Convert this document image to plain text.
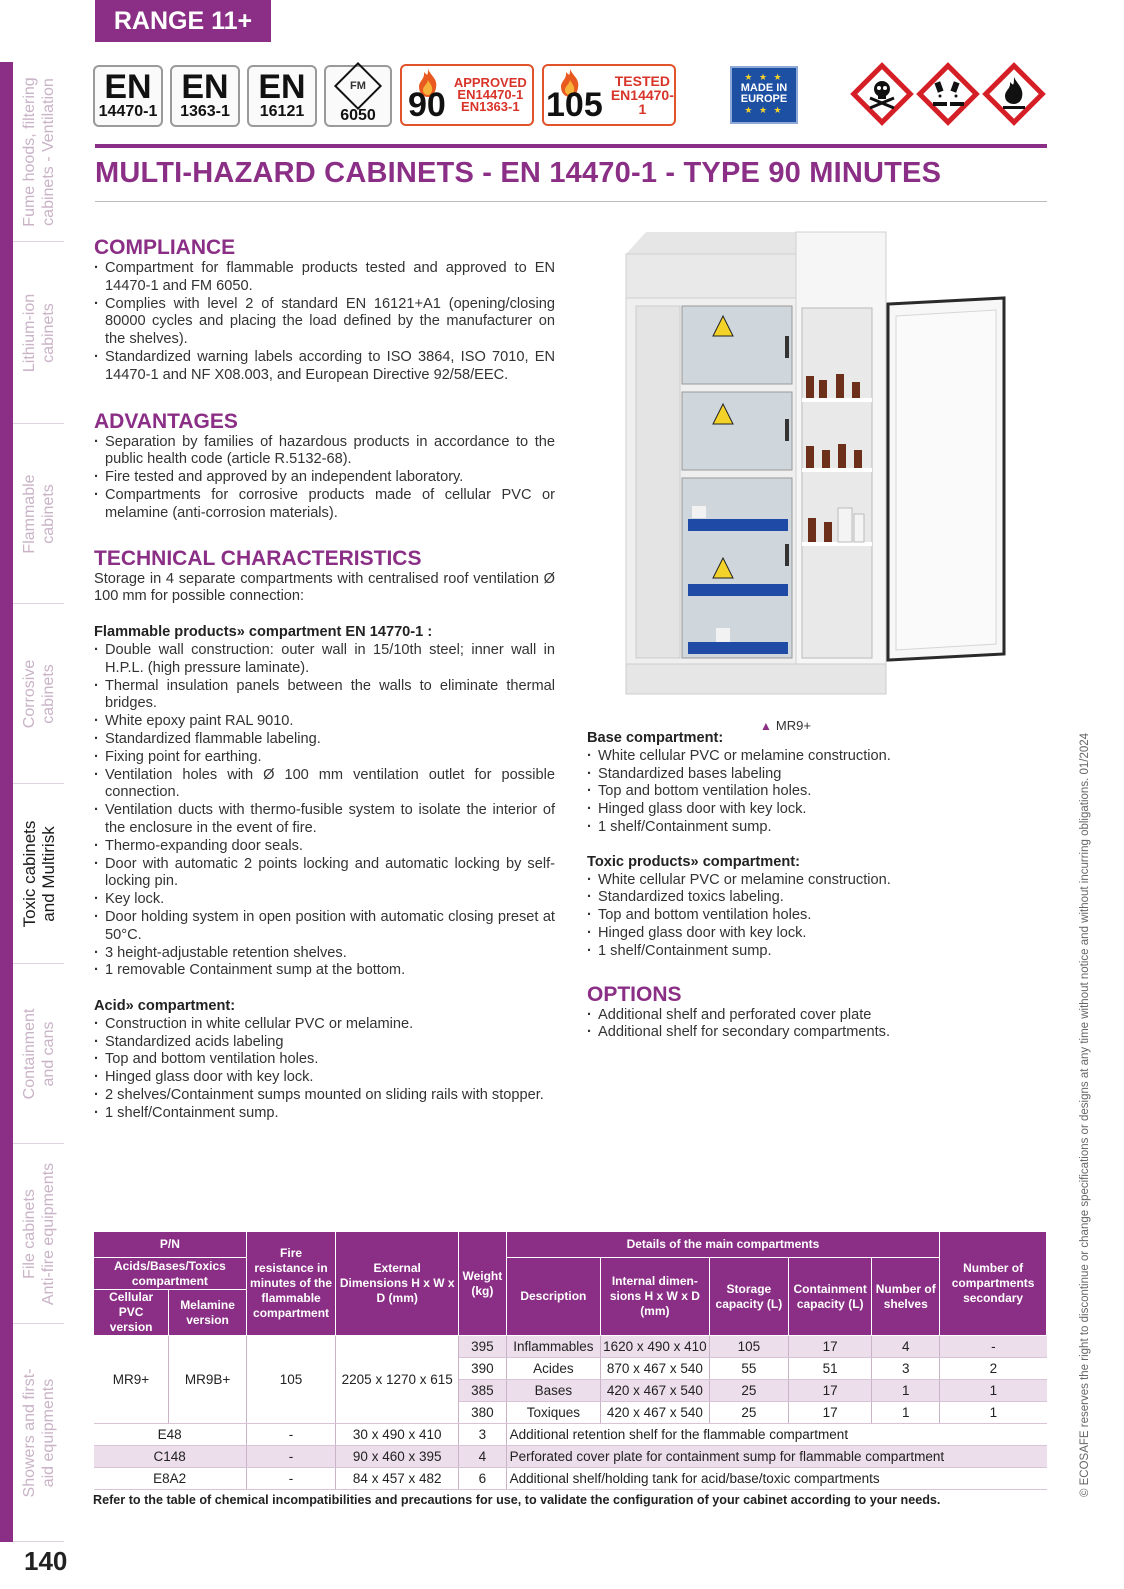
Fume hoods, filtering cabinets - Ventilation
Lithium-ion cabinets
Flammable cabinets
Corrosive cabinets
Toxic cabinets and Multirisk
Containment and cans
File cabinets Anti-fire equipments
Showers and first- aid equipments
RANGE 11+
EN
14470-1
EN
1363-1
EN
16121
FM
6050 90
APPROVED
EN14470-1
EN1363-1 105
TESTED
EN14470-1
★ ★ ★
MADE IN
EUROPE
★ ★ ★
MULTI-HAZARD CABINETS - EN 14470-1 - TYPE 90 MINUTES
COMPLIANCE
· Compartment for flammable products tested and approved to EN 14470-1 and FM 6050.
· Complies with level 2 of standard EN 16121+A1 (opening/closing 80000 cycles and placing the load defined by the manufacturer on the shelves).
· Standardized warning labels according to ISO 3864, ISO 7010, EN 14470-1 and NF X08.003, and European Directive 92/58/EEC.
ADVANTAGES
· Separation by families of hazardous products in accordance to the public health code (article R.5132-68).
· Fire tested and approved by an independent laboratory.
· Compartments for corrosive products made of cellular PVC or melamine (anti-corrosion materials).
TECHNICAL CHARACTERISTICS

Storage in 4 separate compartments with centralised roof ventilation Ø 100 mm for possible connection:

Flammable products» compartment EN 14770-1 :
· Double wall construction: outer wall in 15/10th steel; inner wall in H.P.L. (high pressure laminate).
· Thermal insulation panels between the walls to eliminate thermal bridges.
· White epoxy paint RAL 9010.
· Standardized flammable labeling.
· Fixing point for earthing.
· Ventilation holes with Ø 100 mm ventilation outlet for possible connection.
· Ventilation ducts with thermo-fusible system to isolate the interior of the enclosure in the event of fire.
· Thermo-expanding door seals.
· Door with automatic 2 points locking and automatic locking by self-locking pin.
· Key lock.
· Door holding system in open position with automatic closing preset at 50°C.
· 3 height-adjustable retention shelves.
· 1 removable Containment sump at the bottom.
Acid» compartment:
· Construction in white cellular PVC or melamine.
· Standardized acids labeling
· Top and bottom ventilation holes.
· Hinged glass door with key lock.
· 2 shelves/Containment sumps mounted on sliding rails with stopper.
· 1 shelf/Containment sump.
▲ MR9+
Base compartment:
· White cellular PVC or melamine construction.
· Standardized bases labeling
· Top and bottom ventilation holes.
· Hinged glass door with key lock.
· 1 shelf/Containment sump.
Toxic products» compartment:
· White cellular PVC or melamine construction.
· Standardized toxics labeling.
· Top and bottom ventilation holes.
· Hinged glass door with key lock.
· 1 shelf/Containment sump.
OPTIONS
· Additional shelf and perforated cover plate
· Additional shelf for secondary compartments.
P/N		Fire resistance in minutes of the flammable compartment	External Dimensions H x W x D (mm)	Weight (kg)	Details of the main compartments					Number of compartments secondary
Acids/Bases/Toxics compartment					Description	Internal dimen-sions H x W x D (mm)	Storage capacity (L)	Containment capacity (L)	Number of shelves	
Cellular PVC version	Melamine version									
MR9+	MR9B+	105	2205 x 1270 x 615	395	Inflammables	1620 x 490 x 410	105	17	4	-
				390	Acides	870 x 467 x 540	55	51	3	2
				385	Bases	420 x 467 x 540	25	17	1	1
				380	Toxiques	420 x 467 x 540	25	17	1	1
E48		-	30 x 490 x 410	3	Additional retention shelf for the flammable compartment					
C148		-	90 x 460 x 395	4	Perforated cover plate for containment sump for flammable compartment					
E8A2		-	84 x 457 x 482	6	Additional shelf/holding tank for acid/base/toxic compartments					
Refer to the table of chemical incompatibilities and precautions for use, to validate the configuration of your cabinet according to your needs.
140
© ECOSAFE reserves the right to discontinue or change specifications or designs at any time without notice and without incurring obligations. 01/2024
